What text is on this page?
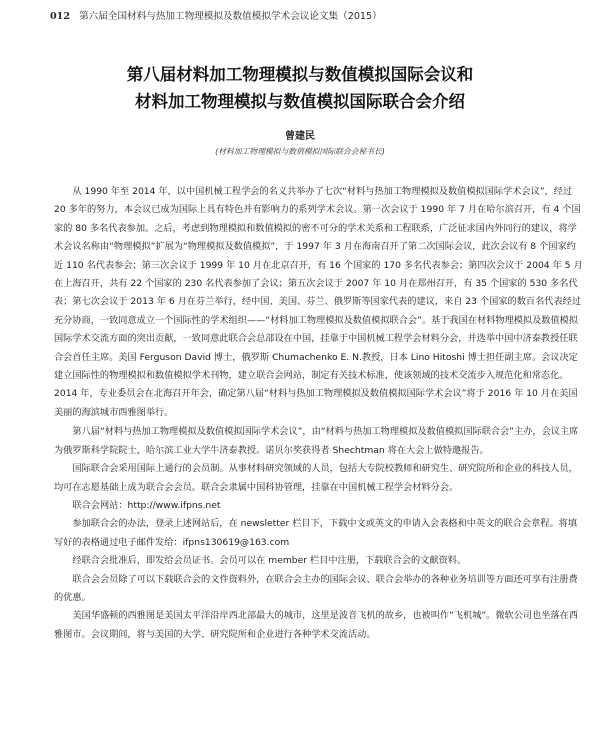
012 第六届全国材料与热加工物理模拟及数值模拟学术会议论文集（2015）
第八届材料加工物理模拟与数值模拟国际会议和
材料加工物理模拟与数值模拟国际联合会介绍
曾建民
(材料加工物理模拟与数值模拟国际联合会秘书长)

从 1990 年至 2014 年，以中国机械工程学会的名义共举办了七次“材料与热加工物理模拟及数值模拟国际学术会议”，经过 20 多年的努力，本会议已成为国际上具有特色并有影响力的系列学术会议。第一次会议于 1990 年 7 月在哈尔滨召开，有 4 个国家的 80 多名代表参加。之后，考虑到物理模拟和数值模拟的密不可分的学术关系和工程联系，广泛征求国内外同行的建议，将学术会议名称由“物理模拟”扩展为“物理模拟及数值模拟”，于 1997 年 3 月在海南召开了第二次国际会议，此次会议有 8 个国家约近 110 名代表参会；第三次会议于 1999 年 10 月在北京召开，有 16 个国家的 170 多名代表参会；第四次会议于 2004 年 5 月在上海召开，共有 22 个国家的 230 名代表参加了会议；第五次会议于 2007 年 10 月在郑州召开，有 35 个国家的 530 多名代表；第七次会议于 2013 年 6 月在芬兰举行，经中国、美国、芬兰、俄罗斯等国家代表的建议，来自 23 个国家的数百名代表经过充分协商，一致同意成立一个国际性的学术组织——“材料加工物理模拟及数值模拟联合会”。基于我国在材料物理模拟及数值模拟国际学术交流方面的突出贡献，一致同意此联合会总部设在中国，挂靠于中国机械工程学会材料分会，并选举中国中济泰教授任联合会首任主席。美国 Ferguson David 博士，俄罗斯 Chumachenko E. N.教授，日本 Lino Hitoshi 博士担任副主席。会议决定建立国际性的物理模拟和数值模拟学术刊物，建立联合会网站，制定有关技术标准，使该领域的技术交流步入规范化和常态化。2014 年，专业委员会在北海召开年会，确定第八届“材料与热加工物理模拟及数值模拟国际学术会议”将于 2016 年 10 月在美国美丽的海滨城市西雅图举行。

第八届“材料与热加工物理模拟及数值模拟国际学术会议”，由“材料与热加工物理模拟及数值模拟国际联合会”主办，会议主席为俄罗斯科学院院士，哈尔滨工业大学牛济泰教授。诺贝尔奖获得者 Shechtman 将在大会上做特邀报告。

国际联合会采用国际上通行的会员制。从事材料研究领域的人员，包括大专院校教师和研究生、研究院所和企业的科技人员，均可在志愿基础上成为联合会会员。联合会隶属中国科协管理，挂靠在中国机械工程学会材料分会。

联合会网站：http://www.ifpns.net

参加联合会的办法，登录上述网站后，在 newsletter 栏目下，下载中文或英文的申请入会表格和中英文的联合会章程。将填写好的表格通过电子邮件发给：ifpns130619@163.com

经联合会批准后，即发给会员证书。会员可以在 member 栏目中注册，下载联合会的文献资料。

联合会会员除了可以下载联合会的文件资料外，在联合会主办的国际会议、联合会举办的各种业务培训等方面还可享有注册费的优惠。

美国华盛顿的西雅图是美国太平洋沿岸西北部最大的城市，这里是波音飞机的故乡，也被叫作“飞机城”。微软公司也坐落在西雅图市。会议期间，将与美国的大学、研究院所和企业进行各种学术交流活动。
